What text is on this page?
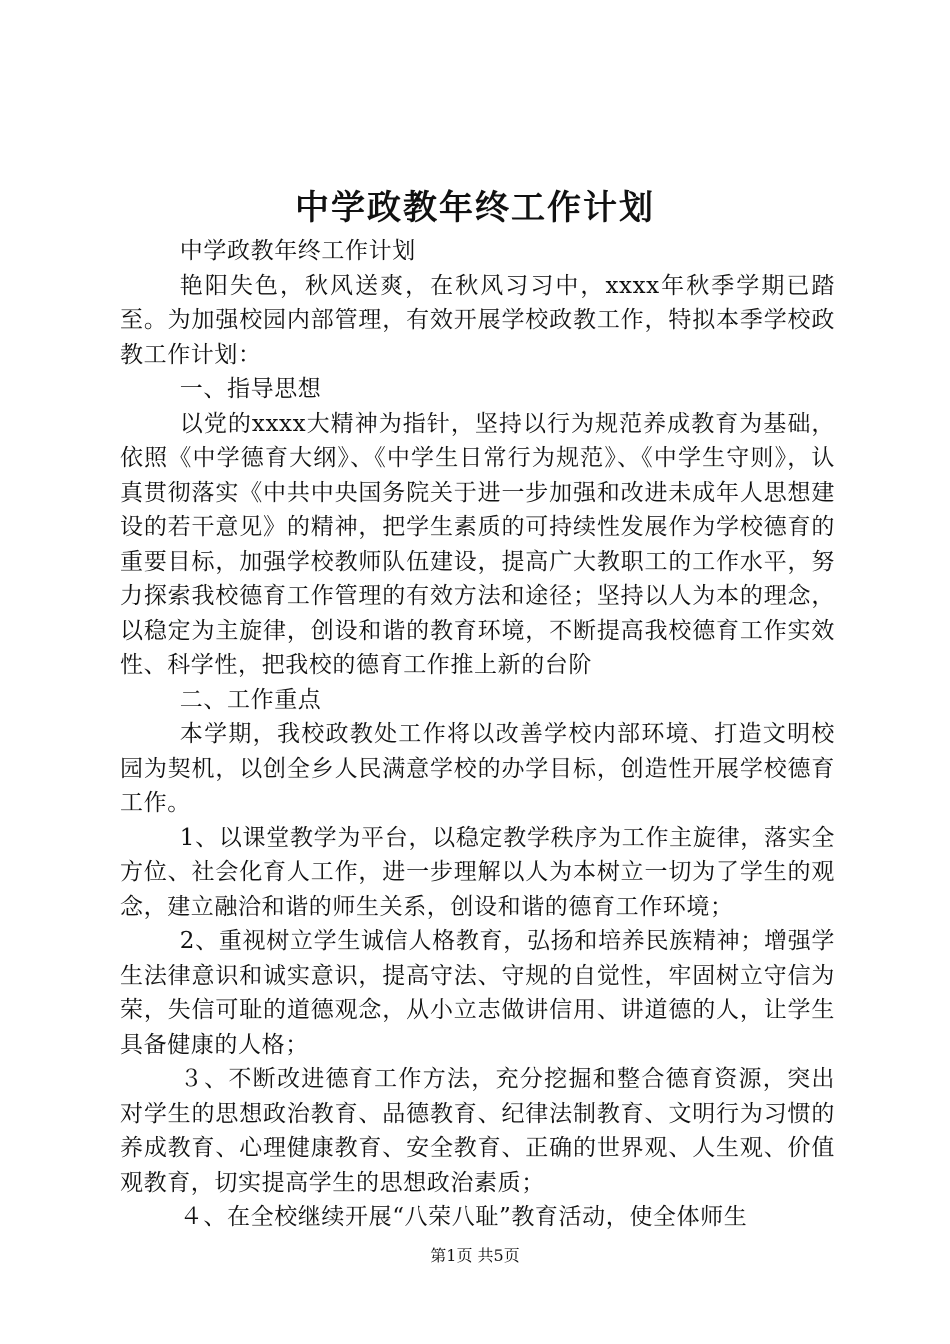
中学政教年终工作计划

中学政教年终工作计划

艳阳失色，秋风送爽，在秋风习习中，xxxx年秋季学期已踏至。为加强校园内部管理，有效开展学校政教工作，特拟本季学校政教工作计划：

一、指导思想

以党的xxxx大精神为指针，坚持以行为规范养成教育为基础，依照《中学德育大纲》、《中学生日常行为规范》、《中学生守则》，认真贯彻落实《中共中央国务院关于进一步加强和改进未成年人思想建设的若干意见》的精神，把学生素质的可持续性发展作为学校德育的重要目标，加强学校教师队伍建设，提高广大教职工的工作水平，努力探索我校德育工作管理的有效方法和途径；坚持以人为本的理念，以稳定为主旋律，创设和谐的教育环境，不断提高我校德育工作实效性、科学性，把我校的德育工作推上新的台阶

二、工作重点

本学期，我校政教处工作将以改善学校内部环境、打造文明校园为契机，以创全乡人民满意学校的办学目标，创造性开展学校德育工作。

1、以课堂教学为平台，以稳定教学秩序为工作主旋律，落实全方位、社会化育人工作，进一步理解以人为本树立一切为了学生的观念，建立融洽和谐的师生关系，创设和谐的德育工作环境；

2、重视树立学生诚信人格教育，弘扬和培养民族精神；增强学生法律意识和诚实意识，提高守法、守规的自觉性，牢固树立守信为荣，失信可耻的道德观念，从小立志做讲信用、讲道德的人，让学生具备健康的人格；

３、不断改进德育工作方法，充分挖掘和整合德育资源，突出对学生的思想政治教育、品德教育、纪律法制教育、文明行为习惯的养成教育、心理健康教育、安全教育、正确的世界观、人生观、价值观教育，切实提高学生的思想政治素质；

４、在全校继续开展“八荣八耻”教育活动，使全体师生

第1页 共5页
